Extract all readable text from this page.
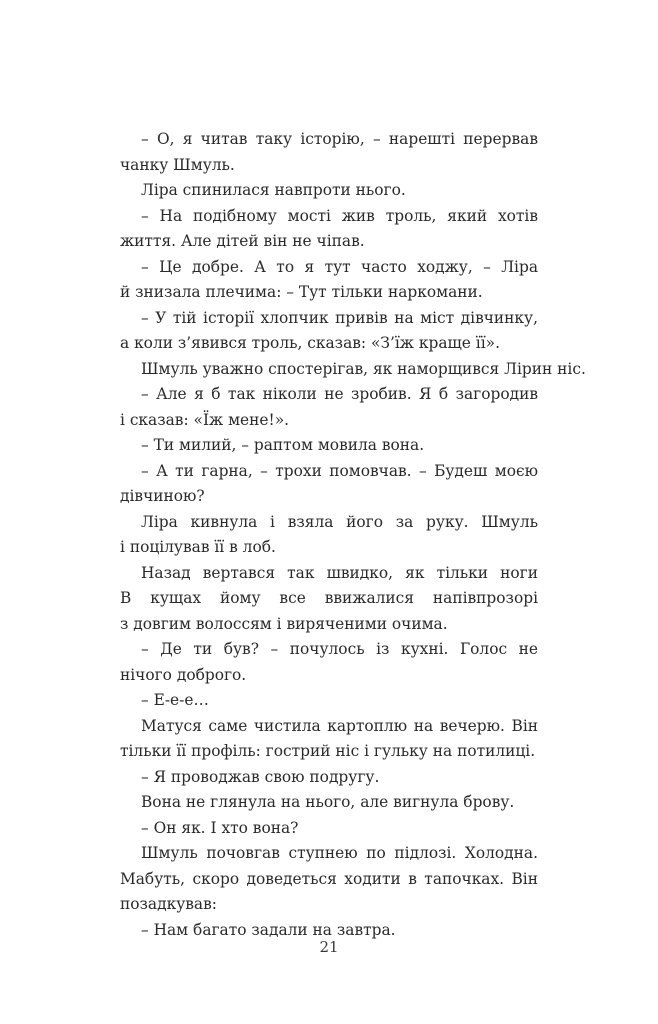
– О, я читав таку історію, – нарешті перервав
чанку Шмуль.
Ліра спинилася навпроти нього.
– На подібному мості жив троль, який хотів
життя. Але дітей він не чіпав.
– Це добре. А то я тут часто ходжу, – Ліра
й знизала плечима: – Тут тільки наркомани.
– У тій історії хлопчик привів на міст дівчинку,
а коли з’явився троль, сказав: «З’їж краще її».
Шмуль уважно спостерігав, як наморщився Лірин ніс.
– Але я б так ніколи не зробив. Я б загородив
і сказав: «Їж мене!».
– Ти милий, – раптом мовила вона.
– А ти гарна, – трохи помовчав. – Будеш моєю
дівчиною?
Ліра кивнула і взяла його за руку. Шмуль
і поцілував її в лоб.
Назад вертався так швидко, як тільки ноги
В кущах йому все ввижалися напівпрозорі
з довгим волоссям і виряченими очима.
– Де ти був? – почулось із кухні. Голос не
нічого доброго.
– Е-е-е…
Матуся саме чистила картоплю на вечерю. Він
тільки її профіль: гострий ніс і гульку на потилиці.
– Я проводжав свою подругу.
Вона не глянула на нього, але вигнула брову.
– Он як. І хто вона?
Шмуль почовгав ступнею по підлозі. Холодна.
Мабуть, скоро доведеться ходити в тапочках. Він
позадкував:
– Нам багато задали на завтра.
21
